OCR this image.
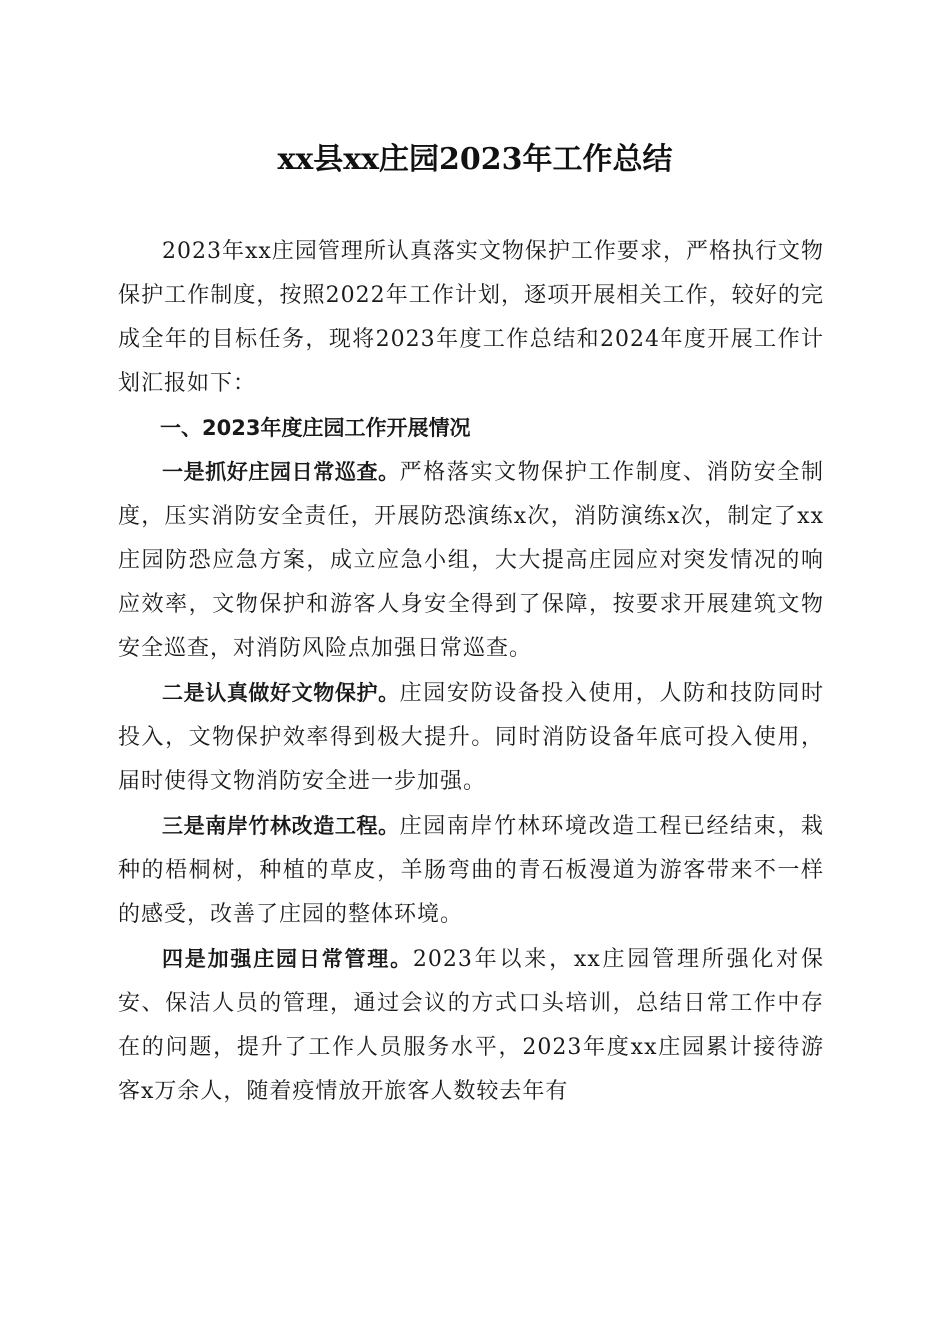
xx县xx庄园2023年工作总结

2023年xx庄园管理所认真落实文物保护工作要求，严格执行文物保护工作制度，按照2022年工作计划，逐项开展相关工作，较好的完成全年的目标任务，现将2023年度工作总结和2024年度开展工作计划汇报如下：

一、2023年度庄园工作开展情况

一是抓好庄园日常巡查。严格落实文物保护工作制度、消防安全制度，压实消防安全责任，开展防恐演练x次，消防演练x次，制定了xx庄园防恐应急方案，成立应急小组，大大提高庄园应对突发情况的响应效率，文物保护和游客人身安全得到了保障，按要求开展建筑文物安全巡查，对消防风险点加强日常巡查。

二是认真做好文物保护。庄园安防设备投入使用，人防和技防同时投入，文物保护效率得到极大提升。同时消防设备年底可投入使用，届时使得文物消防安全进一步加强。

三是南岸竹林改造工程。庄园南岸竹林环境改造工程已经结束，栽种的梧桐树，种植的草皮，羊肠弯曲的青石板漫道为游客带来不一样的感受，改善了庄园的整体环境。

四是加强庄园日常管理。2023年以来，xx庄园管理所强化对保安、保洁人员的管理，通过会议的方式口头培训，总结日常工作中存在的问题，提升了工作人员服务水平，2023年度xx庄园累计接待游客x万余人，随着疫情放开旅客人数较去年有
